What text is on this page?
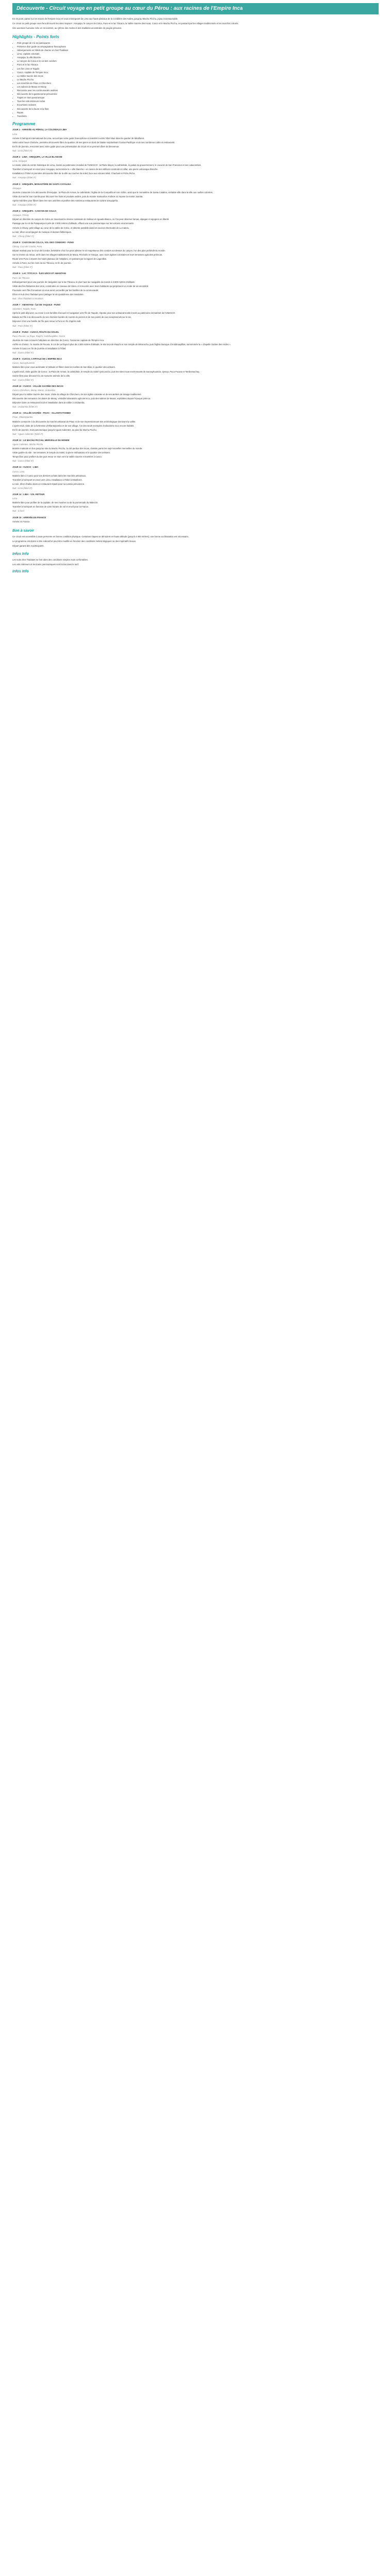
Découverte - Circuit voyage en petit groupe au cœur du Pérou : aux racines de l'Empire Inca

En 15 jours, partez sur les traces de l'Empire Inca en vous immergeant de Lima aux hauts plateaux de la Cordillère des Andes, jusqu'au Machu Picchu, joyau incontournable.

Ce circuit en petit groupe vous fera découvrir les sites majeurs : Arequipa, le canyon de Colca, Puno et le lac Titicaca, la Vallée Sacrée des Incas, Cusco et le Machu Picchu, en passant par les villages traditionnels et les marchés colorés.

Une aventure humaine riche en rencontres, au rythme des Andes et des traditions ancestrales du peuple péruvien.

Highlights - Points forts
• Petit groupe de 2 à 12 participants
• Présence d'un guide accompagnateur francophone
• Hébergements en hôtels de charme et chez l'habitant
• Lima, capitale coloniale
• Arequipa, la ville blanche
• Le canyon de Colca et le vol des condors
• Puno et le lac Titicaca
• Les îles Uros et Taquile
• Cusco, capitale de l'Empire Inca
• La Vallée Sacrée des Incas
• Le Machu Picchu
• Les marchés de Pisac et Chinchero
• Les salines de Maras et Moray
• Rencontre avec les communautés andines
• Découverte de la gastronomie péruvienne
• Trajets en train panoramique
• Tous les vols intérieurs inclus
• Excursions incluses
• Découverte de la faune et la flore
• Repas
• Transferts
Programme
JOUR 1 : ARRIVÉE AU PÉROU, LA COLONIALE LIMA
Lima

Arrivée à l'aéroport international de Lima, accueil par votre guide francophone et transfert à votre hôtel situé dans le quartier de Miraflores.

Selon votre heure d'arrivée, première découverte libre du quartier, de ses parcs en bord de falaise surplombant l'océan Pacifique et de ses nombreux cafés et restaurants.

En fin de journée, rencontre avec votre guide pour une présentation du circuit et un premier dîner de bienvenue.

Nuit : Lima (hôtel 3*)
JOUR 2 : LIMA - AREQUIPA, LA VILLE BLANCHE
Lima, Arequipa

Le matin, visite du centre historique de Lima, classé au patrimoine mondial de l'UNESCO : la Plaza Mayor, la cathédrale, le palais du gouvernement, le couvent de San Francisco et ses catacombes.

Transfert à l'aéroport et envol pour Arequipa, surnommée la « ville blanche » en raison de ses édifices construits en sillar, une pierre volcanique blanche.

Installation à l'hôtel et première découverte libre de la ville au coucher du soleil, face aux volcans Misti, Chachani et Pichu Pichu.

Nuit : Arequipa (hôtel 3*)
JOUR 3 : AREQUIPA, MONASTÈRE DE SANTA CATALINA
Arequipa

Journée consacrée à la découverte d'Arequipa : la Plaza de Armas, la cathédrale, l'église de la Compañía et son cloître, ainsi que le monastère de Santa Catalina, véritable ville dans la ville aux ruelles colorées.

Visite du marché San Camilo pour découvrir les fruits et produits andins, puis du musée Santuarios Andinos où repose la momie Juanita.

Après-midi libre pour flâner dans les rues animées et profiter des nombreux restaurants de cuisine arequipeña.

Nuit : Arequipa (hôtel 3*)
JOUR 4 : AREQUIPA - CANYON DE COLCA
Arequipa, Chivay

Départ en direction du canyon de Colca en traversant la réserve nationale de Salinas et Aguada Blanca, où l'on peut observer lamas, alpagas et vigognes en liberté.

Passage par le col de Patapampa à près de 4 900 mètres d'altitude, offrant une vue panoramique sur les volcans environnants.

Arrivée à Chivay, petit village au cœur de la vallée de Colca, et détente possible dans les sources thermales de La Calera.

Le soir, dîner accompagné de musique et danses folkloriques.

Nuit : Chivay (hôtel 3*)
JOUR 5 : CANYON DE COLCA, VOL DES CONDORS - PUNO
Chivay, Cruz del Condor, Puno

Départ matinal pour la Cruz del Condor, belvédère d'où l'on peut admirer le vol majestueux des condors au-dessus du canyon, l'un des plus profonds du monde.

Sur le chemin du retour, arrêt dans les villages traditionnels de Maca, Pinchollo et Yanque, avec leurs églises coloniales et leurs terrasses agricoles préincas.

Route vers Puno à travers les hauts plateaux de l'altiplano, en passant par la lagune de Lagunillas.

Arrivée à Puno, sur les rives du lac Titicaca, en fin de journée.

Nuit : Puno (hôtel 3*)
JOUR 6 : LAC TITICACA - ÎLES UROS ET AMANTANI
Puno, lac Titicaca

Embarquement pour une journée de navigation sur le lac Titicaca, le plus haut lac navigable du monde à 3 800 mètres d'altitude.

Visite des îles flottantes des Uros, construites en roseaux de totora, et rencontre avec leurs habitants qui perpétuent un mode de vie ancestral.

Poursuite vers l'île d'Amantani où vous serez accueillis par les familles de la communauté.

Dîner et nuit chez l'habitant pour partager la vie quotidienne des insulaires.

Nuit : chez l'habitant à Amantani
JOUR 7 : AMANTANI - ÎLE DE TAQUILE - PUNO
Amantani, Taquile, Puno

Après le petit-déjeuner, au revoir à vos familles d'accueil et navigation vers l'île de Taquile, réputée pour son artisanat textile inscrit au patrimoine immatériel de l'UNESCO.

Balade sur l'île à la découverte de ses chemins bordés de murets de pierres et de ses points de vue exceptionnels sur le lac.

Déjeuner chez une famille de l'île puis retour à Puno en fin d'après-midi.

Nuit : Puno (hôtel 3*)
JOUR 8 : PUNO - CUSCO, ROUTE DU SOLEIL
Puno, Pucara, La Raya, Raqchi, Andahuaylillas, Cusco

Journée de route à travers l'altiplano en direction de Cusco, l'ancienne capitale de l'Empire Inca.

Arrêts en chemin : le musée de Pucara, le col de La Raya à plus de 4 300 mètres d'altitude, le site inca de Raqchi et son temple de Wiracocha, puis l'église baroque d'Andahuaylillas, surnommée la « chapelle Sixtine des Andes ».

Arrivée à Cusco en fin de journée et installation à l'hôtel.

Nuit : Cusco (hôtel 3*)
JOUR 9 : CUSCO, CAPITALE DE L'EMPIRE INCA
Cusco, Sacsayhuamán

Matinée libre pour vous acclimater à l'altitude et flâner dans les ruelles de San Blas, le quartier des artisans.

L'après-midi, visite guidée de Cusco : la Plaza de Armas, la cathédrale, le temple du Soleil Qoricancha, puis les sites incas environnants de Sacsayhuamán, Qenqo, Puca Pucara et Tambomachay.

Soirée libre pour découvrir la vie nocturne animée de la ville.

Nuit : Cusco (hôtel 3*)
JOUR 10 : CUSCO - VALLÉE SACRÉE DES INCAS
Cusco, Chinchero, Moray, Maras, Urubamba

Départ pour la Vallée Sacrée des Incas. Visite du village de Chinchero, de son église coloniale et de ses ateliers de tissage traditionnel.

Découverte des terrasses circulaires de Moray, véritable laboratoire agricole inca, puis des salines de Maras, exploitées depuis l'époque préinca.

Déjeuner dans un restaurant local et installation dans la vallée à Urubamba.

Nuit : Urubamba (hôtel 3*)
JOUR 11 : VALLÉE SACRÉE - PISAC - OLLANTAYTAMBO
Pisac, Ollantaytambo

Matinée consacrée à la découverte du marché artisanal de Pisac et de son impressionnant site archéologique dominant la vallée.

L'après-midi, visite de la forteresse d'Ollantaytambo et de son village, l'un des seuls exemples d'urbanisme inca encore habités.

En fin de journée, train panoramique jusqu'à Aguas Calientes, au pied du Machu Picchu.

Nuit : Aguas Calientes (hôtel 3*)
JOUR 12 : LE MACHU PICCHU, MERVEILLE DU MONDE
Aguas Calientes, Machu Picchu

Montée matinale en bus jusqu'au site du Machu Picchu, la cité perdue des Incas, classée parmi les sept nouvelles merveilles du monde.

Visite guidée du site : les terrasses, le temple du Soleil, la pierre Intihuatana et le quartier des artisans.

Temps libre pour profiter du site puis retour en train vers la Vallée Sacrée et transfert à Cusco.

Nuit : Cusco (hôtel 3*)
JOUR 13 : CUSCO - LIMA
Cusco, Lima

Matinée libre à Cusco pour vos derniers achats dans les marchés artisanaux.

Transfert à l'aéroport et envol vers Lima. Installation à l'hôtel à Miraflores.

Le soir, dîner d'adieu dans un restaurant réputé pour sa cuisine péruvienne.

Nuit : Lima (hôtel 3*)
JOUR 14 : LIMA - VOL RETOUR
Lima

Matinée libre pour profiter de la capitale, de ses musées ou de la promenade du Malecón.

Transfert à l'aéroport en fonction de votre horaire de vol et envol pour la France.

Nuit : à bord
JOUR 15 : ARRIVÉE EN FRANCE

Arrivée en France.

Bon à savoir

Ce circuit est accessible à toute personne en bonne condition physique. Certaines étapes se déroulent en haute altitude (jusqu'à 4 900 mètres), une bonne acclimatation est nécessaire.

Le programme est donné à titre indicatif et peut être modifié en fonction des conditions météorologiques ou des impératifs locaux.

Départ garanti dès 2 participants.

Infos Info

Les nuits chez l'habitant se font dans des conditions simples mais confortables.

Les vols intérieurs et les trains panoramiques sont inclus dans le tarif.

Infos Info
